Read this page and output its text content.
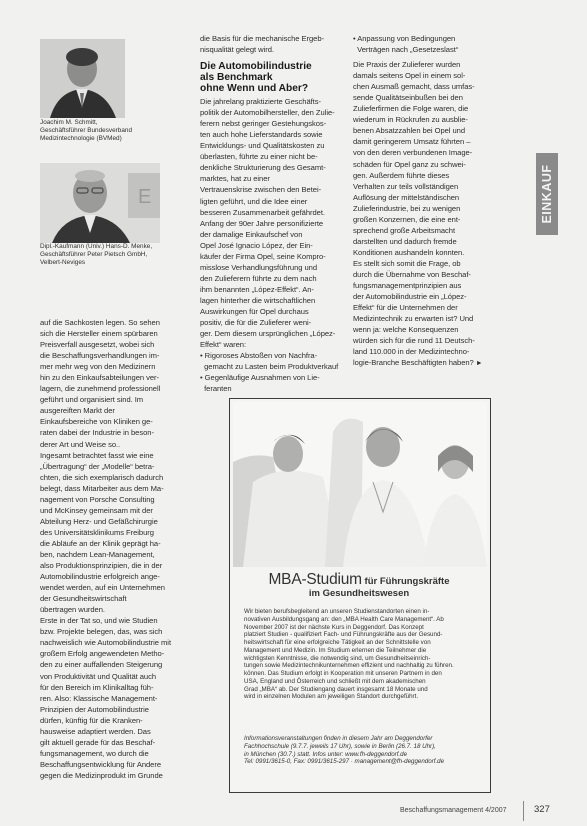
Joachim M. Schmitt,
Geschäftsführer Bundesverband
Medizintechnologie (BVMed)
E
Dipl.-Kaufmann (Univ.) Hans-D. Menke,
Geschäftsführer Peter Pietsch GmbH,
Velbert-Neviges
auf die Sachkosten legen. So sehen
sich die Hersteller einem spürbaren
Preisverfall ausgesetzt, wobei sich
die Beschaffungsverhandlungen im-
mer mehr weg von den Medizinern
hin zu den Einkaufsabteilungen ver-
lagern, die zunehmend professionell
geführt und organisiert sind. Im
ausgereiften Markt der
Einkaufsbereiche von Kliniken ge-
raten dabei der Industrie in beson-
derer Art und Weise so..
Ingesamt betrachtet fasst wie eine
„Übertragung“ der „Modelle“ betra-
chten, die sich exemplarisch dadurch
belegt, dass Mitarbeiter aus dem Ma-
nagement von Porsche Consulting
und McKinsey gemeinsam mit der
Abteilung Herz- und Gefäßchirurgie
des Universitätsklinikums Freiburg
die Abläufe an der Klinik geprägt ha-
ben, nachdem Lean-Management,
also Produktionsprinzipien, die in der
Automobilindustrie erfolgreich ange-
wendet werden, auf ein Unternehmen
der Gesundheitswirtschaft
übertragen wurden.
Erste in der Tat so, und wie Studien
bzw. Projekte belegen, das, was sich
nachweislich wie Automobilindustrie mit
großem Erfolg angewendeten Metho-
den zu einer auffallenden Steigerung
von Produktivität und Qualität auch
für den Bereich im Klinikalltag füh-
ren. Also: Klassische Management-
Prinzipien der Automobilindustrie
dürfen, künftig für die Kranken-
hausweise adaptiert werden. Das
gilt aktuell gerade für das Beschaf-
fungsmanagement, wo durch die
Beschaffungsentwicklung für Andere
gegen die Medizinprodukt im Grunde
die Basis für die mechanische Ergeb-
nisqualität gelegt wird.
Die Automobilindustrie
als Benchmark
ohne Wenn und Aber?
Die jahrelang praktizierte Geschäfts-
politik der Automobilhersteller, den Zulie-
ferern nebst geringer Gestehungskos-
ten auch hohe Lieferstandards sowie
Entwicklungs- und Qualitätskosten zu
überlasten, führte zu einer nicht be-
denkliche Strukturierung des Gesamt-
marktes, hat zu einer
Vertrauenskrise zwischen den Betei-
ligten geführt, und die Idee einer
besseren Zusammenarbeit gefährdet.
Anfang der 90er Jahre personifizierte
der damalige Einkaufschef von
Opel José Ignacio López, der Ein-
käufer der Firma Opel, seine Kompro-
misslose Verhandlungsführung und
den Zulieferern führte zu dem nach
ihm benannten „López-Effekt“. An-
lagen hinterher die wirtschaftlichen
Auswirkungen für Opel durchaus
positiv, die für die Zulieferer weni-
ger. Dem diesem ursprünglichen „López-
Effekt“ waren:
• Rigoroses Abstoßen von Nachfra-
gemacht zu Lasten beim Produktverkauf
• Gegenläufige Ausnahmen von Lie-
feranten
• Anpassung von Bedingungen
Verträgen nach „Gesetzeslast“
Die Praxis der Zulieferer wurden
damals seitens Opel in einem sol-
chen Ausmaß gemacht, dass umfas-
sende Qualitätseinbußen bei den
Zulieferfirmen die Folge waren, die
wiederum in Rückrufen zu ausblie-
benen Absatzzahlen bei Opel und
damit geringerem Umsatz führten –
von den deren verbundenen Image-
schäden für Opel ganz zu schwei-
gen. Außerdem führte dieses
Verhalten zur teils vollständigen
Auflösung der mittelständischen
Zulieferindustrie, bei zu wenigen
großen Konzernen, die eine ent-
sprechend große Arbeitsmacht
darstellten und dadurch fremde
Konditionen aushandeln konnten.
Es stellt sich somit die Frage, ob
durch die Übernahme von Beschaf-
fungsmanagementprinzipien aus
der Automobilindustrie ein „López-
Effekt“ für die Unternehmen der
Medizintechnik zu erwarten ist? Und
wenn ja: welche Konsequenzen
würden sich für die rund 11 Deutsch-
land 110.000 in der Medizintechno-
logie-Branche Beschäftigten haben? ►
EINKAUF
MBA-Studium für Führungskräfte
im Gesundheitswesen
Wir bieten berufsbegleitend an unseren Studienstandorten einen in-
novativen Ausbildungsgang an: den „MBA Health Care Management“. Ab
November 2007 ist der nächste Kurs in Deggendorf. Das Konzept
platziert Studien - qualifiziert Fach- und Führungskräfte aus der Gesund-
heitswirtschaft für eine erfolgreiche Tätigkeit an der Schnittstelle von
Management und Medizin. Im Studium erlernen die Teilnehmer die
wichtigsten Kenntnisse, die notwendig sind, um Gesundheitseinrich-
tungen sowie Medizintechnikunternehmen effizient und nachhaltig zu führen.
können. Das Studium erfolgt in Kooperation mit unseren Partnern in den
USA, England und Österreich und schließt mit dem akademischen
Grad „MBA“ ab. Der Studiengang dauert insgesamt 18 Monate und
wird in einzelnen Modulen am jeweiligen Standort durchgeführt.
Informationsveranstaltungen finden in diesem Jahr am Deggendorfer
Fachhochschule (9.7.7. jeweils 17 Uhr), sowie in Berlin (26.7. 18 Uhr),
in München (30.7.) statt. Infos unter: www.fh-deggendorf.de
Tel: 0991/3615-0, Fax: 0991/3615-297 · management@fh-deggendorf.de
Beschaffungsmanagement 4/2007	327
